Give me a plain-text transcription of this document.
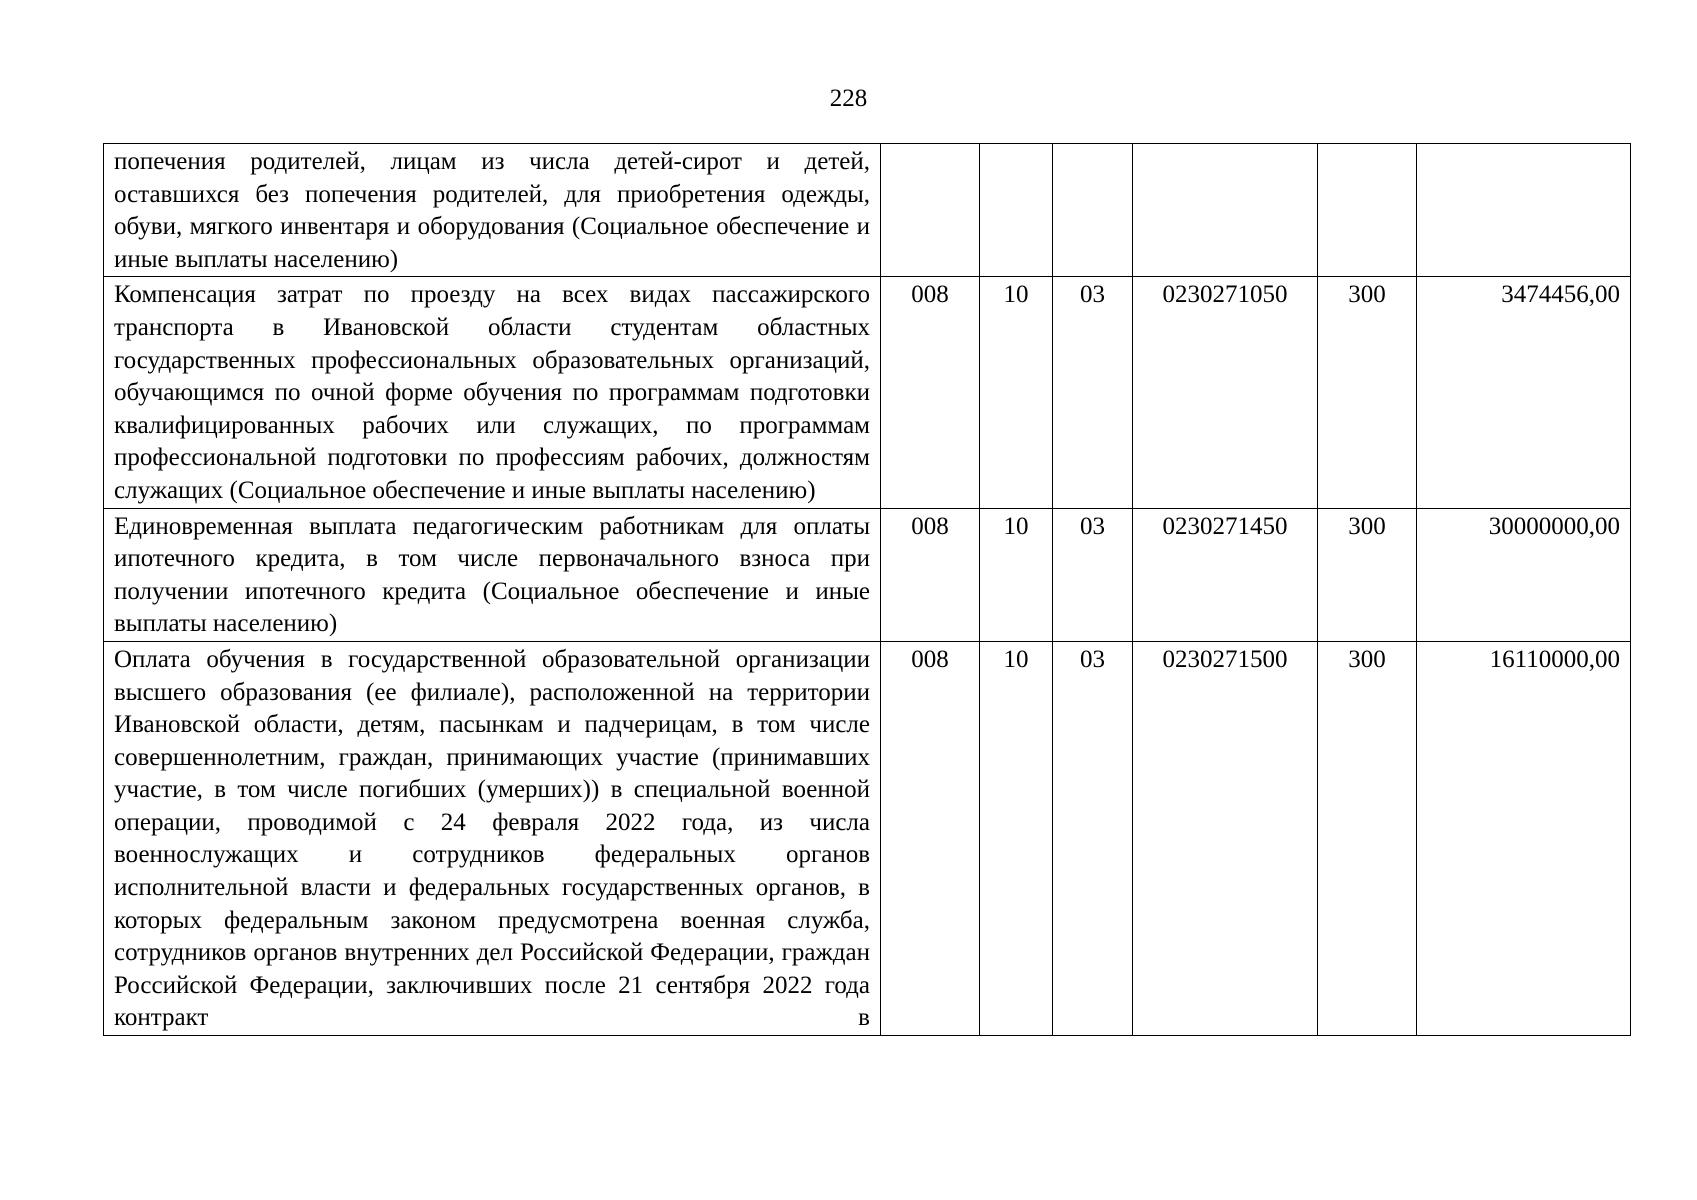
228
попечения родителей, лицам из числа детей-сирот и детей, оставшихся без попечения родителей, для приобретения одежды, обуви, мягкого инвентаря и оборудования (Социальное обеспечение и иные выплаты населению)						
Компенсация затрат по проезду на всех видах пассажирского транспорта в Ивановской области студентам областных государственных профессиональных образовательных организаций, обучающимся по очной форме обучения по программам подготовки квалифицированных рабочих или служащих, по программам профессиональной подготовки по профессиям рабочих, должностям служащих (Социальное обеспечение и иные выплаты населению)	008	10	03	0230271050	300	3474456,00
Единовременная выплата педагогическим работникам для оплаты ипотечного кредита, в том числе первоначального взноса при получении ипотечного кредита (Социальное обеспечение и иные выплаты населению)	008	10	03	0230271450	300	30000000,00
Оплата обучения в государственной образовательной организации высшего образования (ее филиале), расположенной на территории Ивановской области, детям, пасынкам и падчерицам, в том числе совершеннолетним, граждан, принимающих участие (принимавших участие, в том числе погибших (умерших)) в специальной военной операции, проводимой с 24 февраля 2022 года, из числа военнослужащих и сотрудников федеральных органов исполнительной власти и федеральных государственных органов, в которых федеральным законом предусмотрена военная служба, сотрудников органов внутренних дел Российской Федерации, граждан Российской Федерации, заключивших после 21 сентября 2022 года контракт в	008	10	03	0230271500	300	16110000,00
